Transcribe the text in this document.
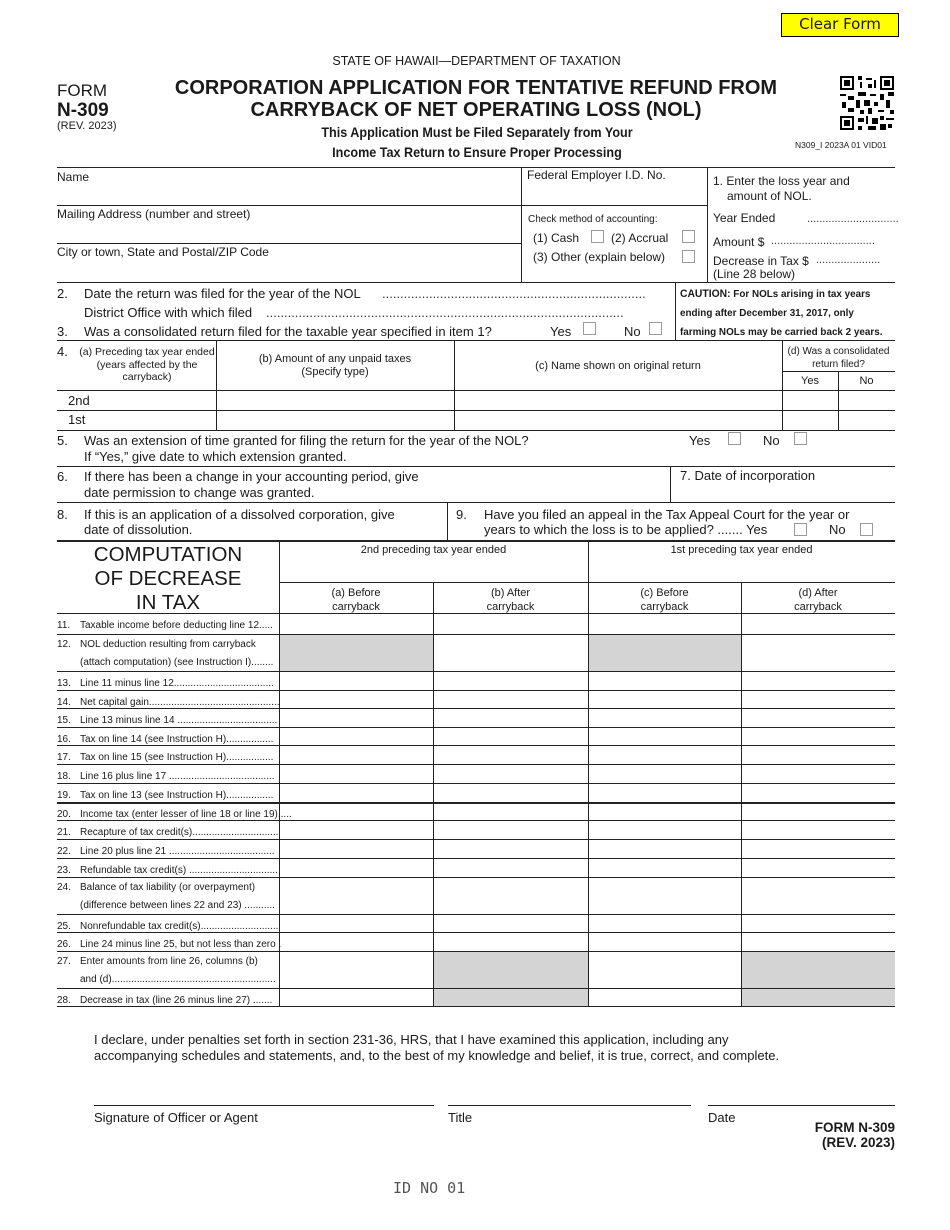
Clear Form
STATE OF HAWAII—DEPARTMENT OF TAXATION
FORM
N-309
(REV. 2023)
CORPORATION APPLICATION FOR TENTATIVE REFUND FROM
CARRYBACK OF NET OPERATING LOSS (NOL)
This Application Must be Filed Separately from Your
Income Tax Return to Ensure Proper Processing	N309_I 2023A 01 VID01
Name
Mailing Address (number and street)
City or town, State and Postal/ZIP Code
Federal Employer I.D. No.
Check method of accounting:
(1) Cash	(2) Accrual
(3) Other (explain below)
1. Enter the loss year and
amount of NOL.
Year Ended	..............................
Amount $ ..................................
Decrease in Tax $ .....................
(Line 28 below)
2. Date the return was filed for the year of the NOL .........................................................................
District Office with which filed ...................................................................................................
3. Was a consolidated return filed for the taxable year specified in item 1?	Yes	No
CAUTION: For NOLs arising in tax years
ending after December 31, 2017, only
farming NOLs may be carried back 2 years.
4. (a) Preceding tax year ended (years affected by the carryback)
(b) Amount of any unpaid taxes
(Specify type)	(c) Name shown on original return
(d) Was a consolidated
return filed?
Yes	No
2nd
1st
5. Was an extension of time granted for filing the return for the year of the NOL?
If “Yes,” give date to which extension granted.
Yes	No
6. If there has been a change in your accounting period, give
date permission to change was granted.
7. Date of incorporation
8. If this is an application of a dissolved corporation, give
date of dissolution.
9. Have you filed an appeal in the Tax Appeal Court for the year or
years to which the loss is to be applied? ....... Yes	No
COMPUTATION
OF DECREASE
IN TAX
2nd preceding tax year ended	1st preceding tax year ended
(a) Before
carryback
(b) After
carryback
(c) Before
carryback
(d) After
carryback
11. Taxable income before deducting line 12.....
12. NOL deduction resulting from carryback
(attach computation) (see Instruction I)........
13. Line 11 minus line 12....................................
14. Net capital gain...............................................
15. Line 13 minus line 14 ....................................
16. Tax on line 14 (see Instruction H).................
17. Tax on line 15 (see Instruction H).................
18. Line 16 plus line 17 ......................................
19. Tax on line 13 (see Instruction H).................
20. Income tax (enter lesser of line 18 or line 19).....
21. Recapture of tax credit(s)...............................
22. Line 20 plus line 21 ......................................
23. Refundable tax credit(s) ................................
24. Balance of tax liability (or overpayment)
(difference between lines 22 and 23) ...........
25. Nonrefundable tax credit(s)............................
26. Line 24 minus line 25, but not less than zero .
27. Enter amounts from line 26, columns (b)
and (d)...........................................................
28. Decrease in tax (line 26 minus line 27) .......
I declare, under penalties set forth in section 231-36, HRS, that I have examined this application, including any
accompanying schedules and statements, and, to the best of my knowledge and belief, it is true, correct, and complete.
Signature of Officer or Agent	Title	Date
FORM N-309
(REV. 2023)
ID NO 01
